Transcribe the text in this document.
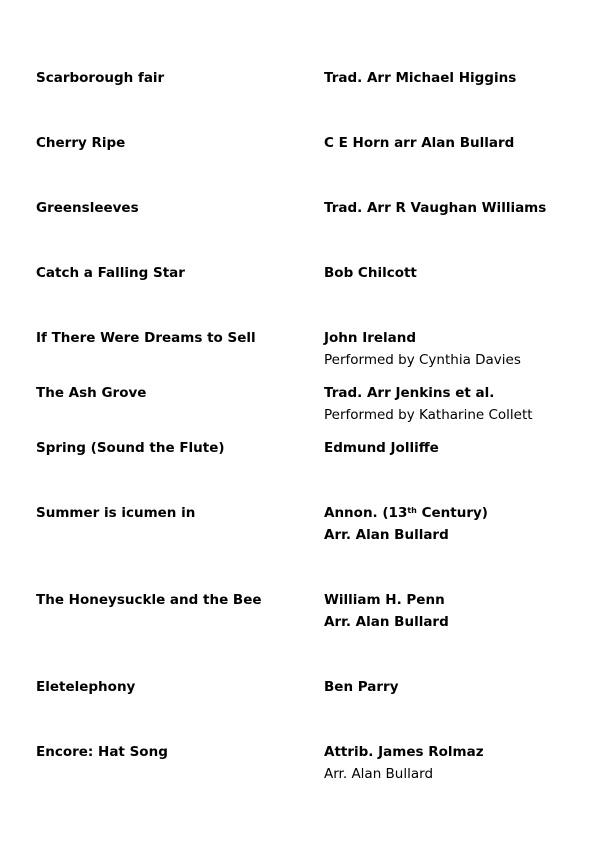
Scarborough fair	Trad. Arr Michael Higgins
Cherry Ripe	C E Horn arr Alan Bullard
Greensleeves	Trad. Arr R Vaughan Williams
Catch a Falling Star	Bob Chilcott
If There Were Dreams to Sell	John Ireland
Performed by Cynthia Davies
The Ash Grove	Trad. Arr Jenkins et al.
Performed by Katharine Collett
Spring (Sound the Flute)	Edmund Jolliffe
Summer is icumen in	Annon. (13th Century)
Arr. Alan Bullard
The Honeysuckle and the Bee	William H. Penn
Arr. Alan Bullard
Eletelephony	Ben Parry
Encore: Hat Song	Attrib. James Rolmaz
Arr. Alan Bullard
